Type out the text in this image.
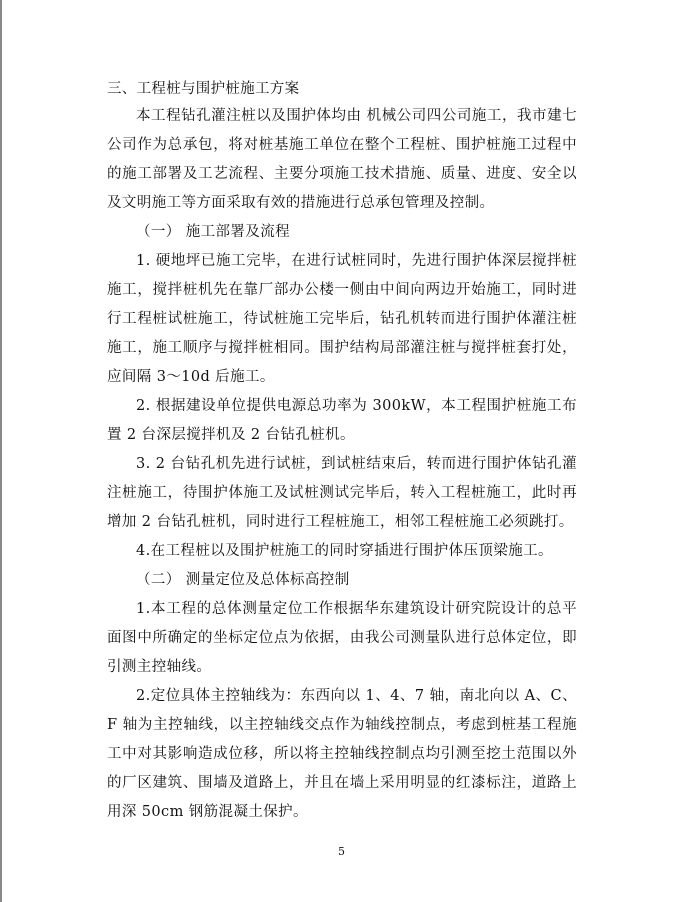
三、工程桩与围护桩施工方案

本工程钻孔灌注桩以及围护体均由 机械公司四公司施工，我市建七公司作为总承包，将对桩基施工单位在整个工程桩、围护桩施工过程中的施工部署及工艺流程、主要分项施工技术措施、质量、进度、安全以及文明施工等方面采取有效的措施进行总承包管理及控制。

（一） 施工部署及流程

1. 硬地坪已施工完毕，在进行试桩同时，先进行围护体深层搅拌桩施工，搅拌桩机先在靠厂部办公楼一侧由中间向两边开始施工，同时进行工程桩试桩施工，待试桩施工完毕后，钻孔机转而进行围护体灌注桩施工，施工顺序与搅拌桩相同。围护结构局部灌注桩与搅拌桩套打处，应间隔 3～10d 后施工。

2. 根据建设单位提供电源总功率为 300kW，本工程围护桩施工布置 2 台深层搅拌机及 2 台钻孔桩机。

3. 2 台钻孔机先进行试桩，到试桩结束后，转而进行围护体钻孔灌注桩施工，待围护体施工及试桩测试完毕后，转入工程桩施工，此时再增加 2 台钻孔桩机，同时进行工程桩施工，相邻工程桩施工必须跳打。

4.在工程桩以及围护桩施工的同时穿插进行围护体压顶梁施工。

（二） 测量定位及总体标高控制

1.本工程的总体测量定位工作根据华东建筑设计研究院设计的总平面图中所确定的坐标定位点为依据，由我公司测量队进行总体定位，即引测主控轴线。

2.定位具体主控轴线为：东西向以 1、4、7 轴，南北向以 A、C、F 轴为主控轴线，以主控轴线交点作为轴线控制点，考虑到桩基工程施工中对其影响造成位移，所以将主控轴线控制点均引测至挖土范围以外的厂区建筑、围墙及道路上，并且在墙上采用明显的红漆标注，道路上用深 50cm 钢筋混凝土保护。

5
